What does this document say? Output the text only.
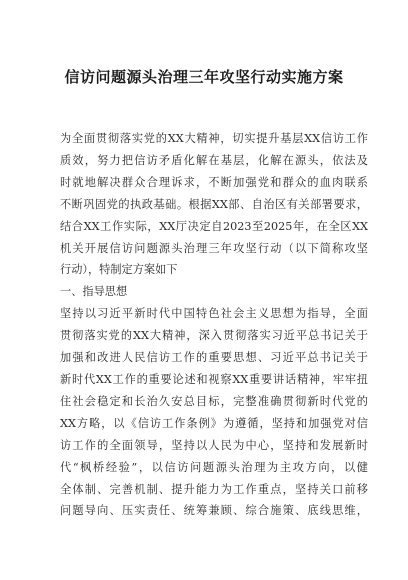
信访问题源头治理三年攻坚行动实施方案

为全面贯彻落实党的XX大精神，切实提升基层XX信访工作

质效，努力把信访矛盾化解在基层，化解在源头，依法及

时就地解决群众合理诉求，不断加强党和群众的血肉联系

不断巩固党的执政基础。根据XX部、自治区有关部署要求，

结合XX工作实际，XX厅决定自2023至2025年，在全区XX

机关开展信访问题源头治理三年攻坚行动（以下简称攻坚

行动），特制定方案如下

一、指导思想

坚持以习近平新时代中国特色社会主义思想为指导，全面

贯彻落实党的XX大精神，深入贯彻落实习近平总书记关于

加强和改进人民信访工作的重要思想、习近平总书记关于

新时代XX工作的重要论述和视察XX重要讲话精神，牢牢扭

住社会稳定和长治久安总目标，完整准确贯彻新时代党的

XX方略，以《信访工作条例》为遵循，坚持和加强党对信

访工作的全面领导，坚持以人民为中心，坚持和发展新时

代“枫桥经验”，以信访问题源头治理为主攻方向，以健

全体制、完善机制、提升能力为工作重点，坚持关口前移

问题导向、压实责任、统筹兼顾、综合施策、底线思维，
